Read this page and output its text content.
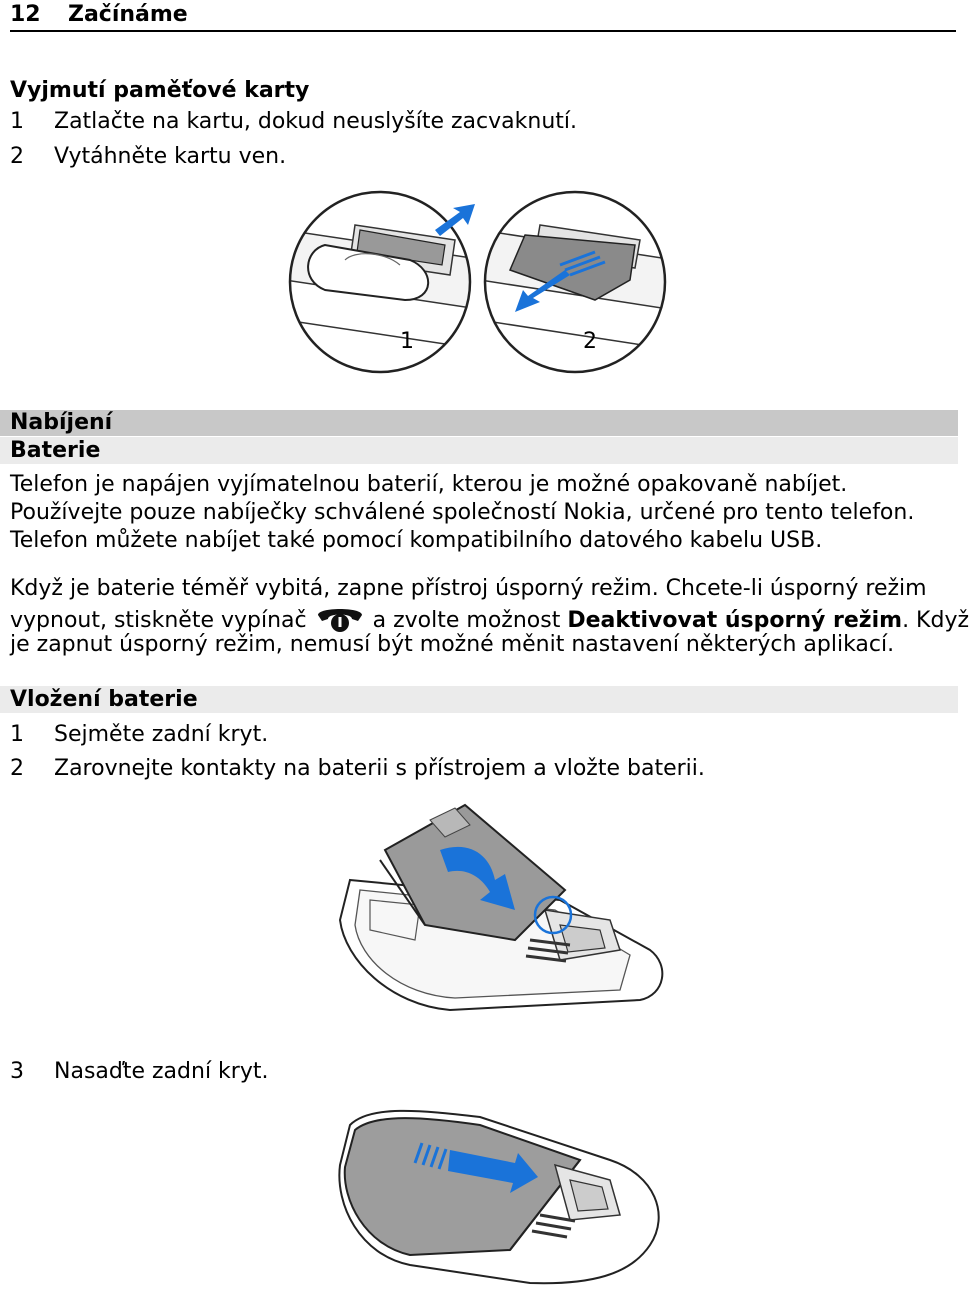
12 Začínáme
Vyjmutí paměťové karty
1 Zatlačte na kartu, dokud neuslyšíte zacvaknutí.
2 Vytáhněte kartu ven.
1	2
Nabíjení
Baterie
Telefon je napájen vyjímatelnou baterií, kterou je možné opakovaně nabíjet.
Používejte pouze nabíječky schválené společností Nokia, určené pro tento telefon.
Telefon můžete nabíjet také pomocí kompatibilního datového kabelu USB.
Když je baterie téměř vybitá, zapne přístroj úsporný režim. Chcete-li úsporný režim
vypnout, stiskněte vypínač	a zvolte možnost Deaktivovat úsporný režim. Když
je zapnut úsporný režim, nemusí být možné měnit nastavení některých aplikací.
Vložení baterie
1 Sejměte zadní kryt.
2 Zarovnejte kontakty na baterii s přístrojem a vložte baterii.
3 Nasaďte zadní kryt.
